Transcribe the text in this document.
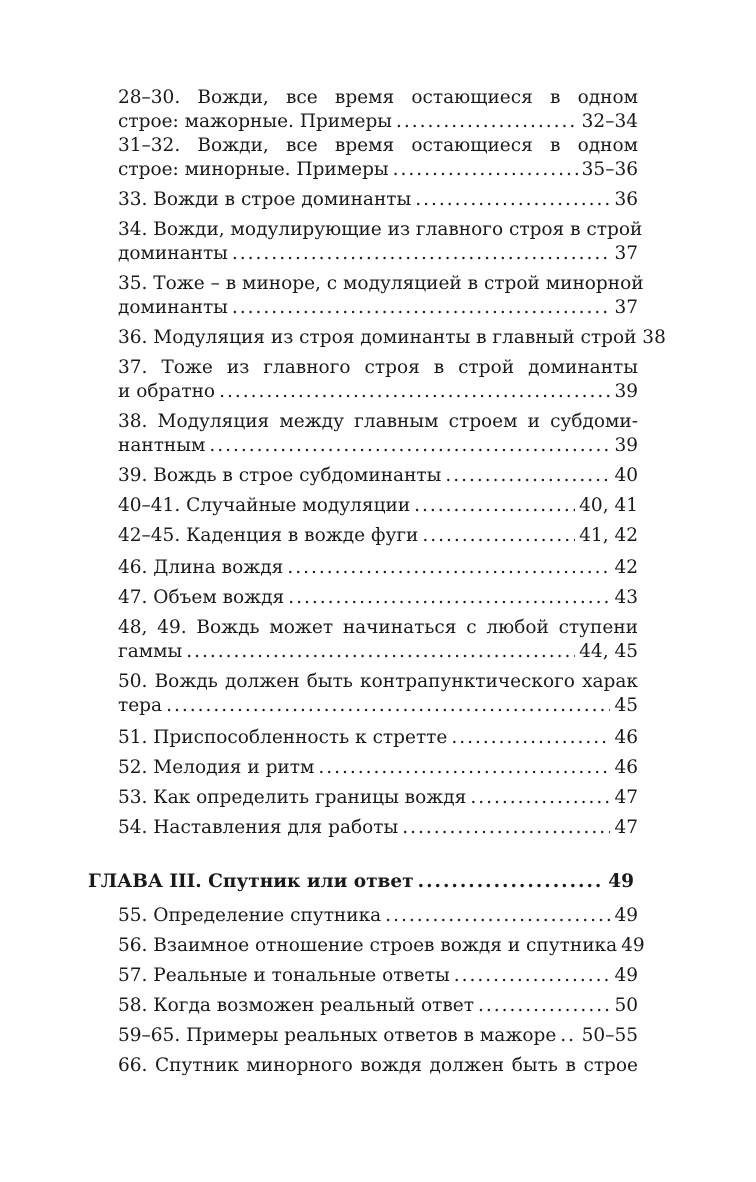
28–30. Вожди, все время остающиеся в одном
строе: мажорные. Примеры .....	32–34
31–32. Вожди, все время остающиеся в одном
строе: минорные. Примеры .....	35–36
33. Вожди в строе доминанты .....	36
34. Вожди, модулирующие из главного строя в строй
доминанты .....	37
35. Тоже – в миноре, с модуляцией в строй минорной
доминанты .....	37
36. Модуляция из строя доминанты в главный строй 38
37. Тоже из главного строя в строй доминанты
и обратно .....	39
38. Модуляция между главным строем и субдоми-
нантным .....	39
39. Вождь в строе субдоминанты .....	40
40–41. Случайные модуляции .....	40, 41
42–45. Каденция в вожде фуги .....	41, 42
46. Длина вождя .....	42
47. Объем вождя .....	43
48, 49. Вождь может начинаться с любой ступени
гаммы .....	44, 45
50. Вождь должен быть контрапунктического харак
тера .....	45
51. Приспособленность к стретте .....	46
52. Мелодия и ритм .....	46
53. Как определить границы вождя .....	47
54. Наставления для работы .....	47
ГЛАВА III. Спутник или ответ .....	49
55. Определение спутника .....	49
56. Взаимное отношение строев вождя и спутника 49
57. Реальные и тональные ответы .....	49
58. Когда возможен реальный ответ .....	50
59–65. Примеры реальных ответов в мажоре ..... 50–55
66. Спутник минорного вождя должен быть в строе
